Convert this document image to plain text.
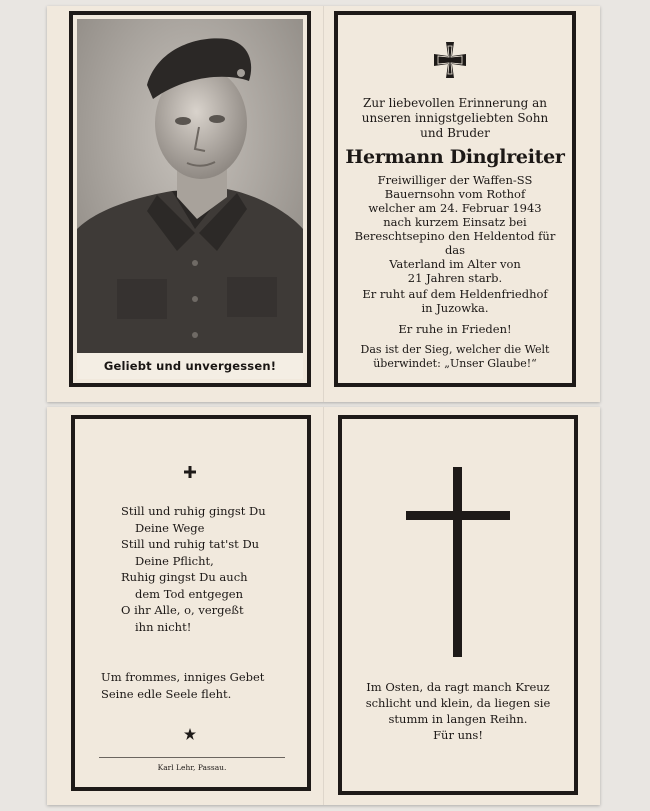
Geliebt und unvergessen!
Zur liebevollen Erinnerung an
unseren innigstgeliebten Sohn
und Bruder
Hermann Dinglreiter
Freiwilliger der Waffen-SS
Bauernsohn vom Rothof
welcher am 24. Februar 1943
nach kurzem Einsatz bei Bereschtsepino den Heldentod für das
Vaterland im Alter von
21 Jahren starb.
Er ruht auf dem Heldenfriedhof
in Juzowka.
Er ruhe in Frieden!
Das ist der Sieg, welcher die Welt
überwindet: „Unser Glaube!“
Still und ruhig gingst Du
Deine Wege
Still und ruhig tat'st Du
Deine Pflicht,
Ruhig gingst Du auch
dem Tod entgegen
O ihr Alle, o, vergeßt
ihn nicht!
Um frommes, inniges Gebet
Seine edle Seele fleht.
Karl Lehr, Passau.
Im Osten, da ragt manch Kreuz
schlicht und klein, da liegen sie
stumm in langen Reihn.
Für uns!
